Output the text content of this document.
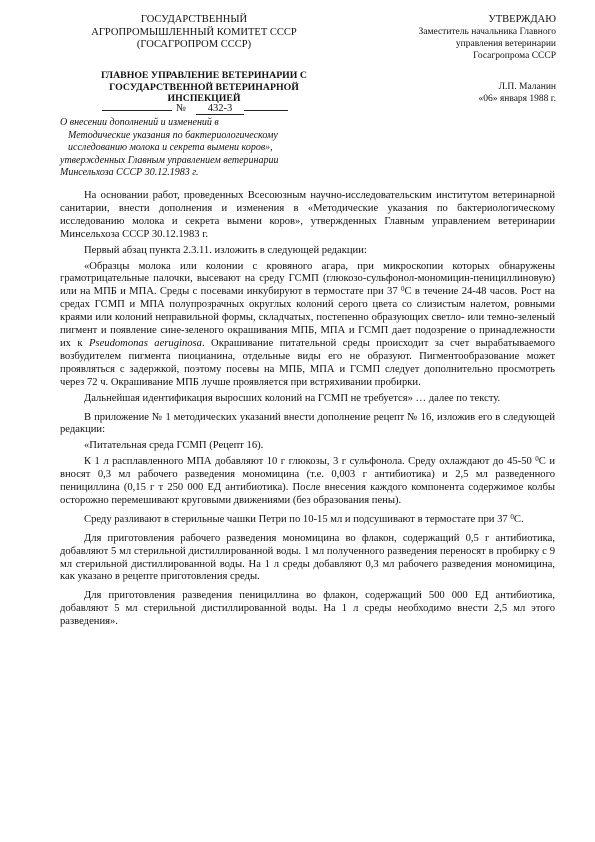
ГОСУДАРСТВЕННЫЙ
АГРОПРОМЫШЛЕННЫЙ КОМИТЕТ СССР
(ГОСАГРОПРОМ СССР)
УТВЕРЖДАЮ
Заместитель начальника Главного
управления ветеринарии
Госагропрома СССР
Л.П. Маланин
«06» января 1988 г.
ГЛАВНОЕ УПРАВЛЕНИЕ ВЕТЕРИНАРИИ С
ГОСУДАРСТВЕННОЙ ВЕТЕРИНАРНОЙ
ИНСПЕКЦИЕЙ
№ 432-3
О внесении дополнений и изменений в
Методические указания по бактериологическому
исследованию молока и секрета вымени коров»,
утвержденных Главным управлением ветеринарии
Минсельхоза СССР 30.12.1983 г.

На основании работ, проведенных Всесоюзным научно-исследовательским институтом ветеринарной санитарии, внести дополнения и изменения в «Методические указания по бактериологическому исследованию молока и секрета вымени коров», утвержденных Главным управлением ветеринарии Минсельхоза СССР 30.12.1983 г.

Первый абзац пункта 2.3.11. изложить в следующей редакции:

«Образцы молока или колонии с кровяного агара, при микроскопии которых обнаружены грамотрицательные палочки, высевают на среду ГСМП (глюкозо-сульфонол-мономицин-пенициллиновую) или на МПБ и МПА. Среды с посевами инкубируют в термостате при 37 $^0$С в течение 24-48 часов. Рост на средах ГСМП и МПА полупрозрачных округлых колоний серого цвета со слизистым налетом, ровными краями или колоний неправильной формы, складчатых, постепенно образующих светло- или темно-зеленый пигмент и появление сине-зеленого окрашивания МПБ, МПА и ГСМП дает подозрение о принадлежности их к Pseudomonas aeruginosa. Окрашивание питательной среды происходит за счет вырабатываемого возбудителем пигмента пиоцианина, отдельные виды его не образуют. Пигментообразование может проявляться с задержкой, поэтому посевы на МПБ, МПА и ГСМП следует дополнительно просмотреть через 72 ч. Окрашивание МПБ лучше проявляется при встряхивании пробирки.

Дальнейшая идентификация выросших колоний на ГСМП не требуется» … далее по тексту.

В приложение № 1 методических указаний внести дополнение рецепт № 16, изложив его в следующей редакции:

«Питательная среда ГСМП (Рецепт 16).

К 1 л расплавленного МПА добавляют 10 г глюкозы, 3 г сульфонола. Среду охлаждают до 45-50 $^0$С и вносят 0,3 мл рабочего разведения мономицина (т.е. 0,003 г антибиотика) и 2,5 мл разведенного пенициллина (0,15 г т 250 000 ЕД антибиотика). После внесения каждого компонента содержимое колбы осторожно перемешивают круговыми движениями (без образования пены).

Среду разливают в стерильные чашки Петри по 10-15 мл и подсушивают в термостате при 37 $^0$С.

Для приготовления рабочего разведения мономицина во флакон, содержащий 0,5 г антибиотика, добавляют 5 мл стерильной дистиллированной воды. 1 мл полученного разведения переносят в пробирку с 9 мл стерильной дистиллированной воды. На 1 л среды добавляют 0,3 мл рабочего разведения мономицина, как указано в рецепте приготовления среды.

Для приготовления разведения пенициллина во флакон, содержащий 500 000 ЕД антибиотика, добавляют 5 мл стерильной дистиллированной воды. На 1 л среды необходимо внести 2,5 мл этого разведения».
